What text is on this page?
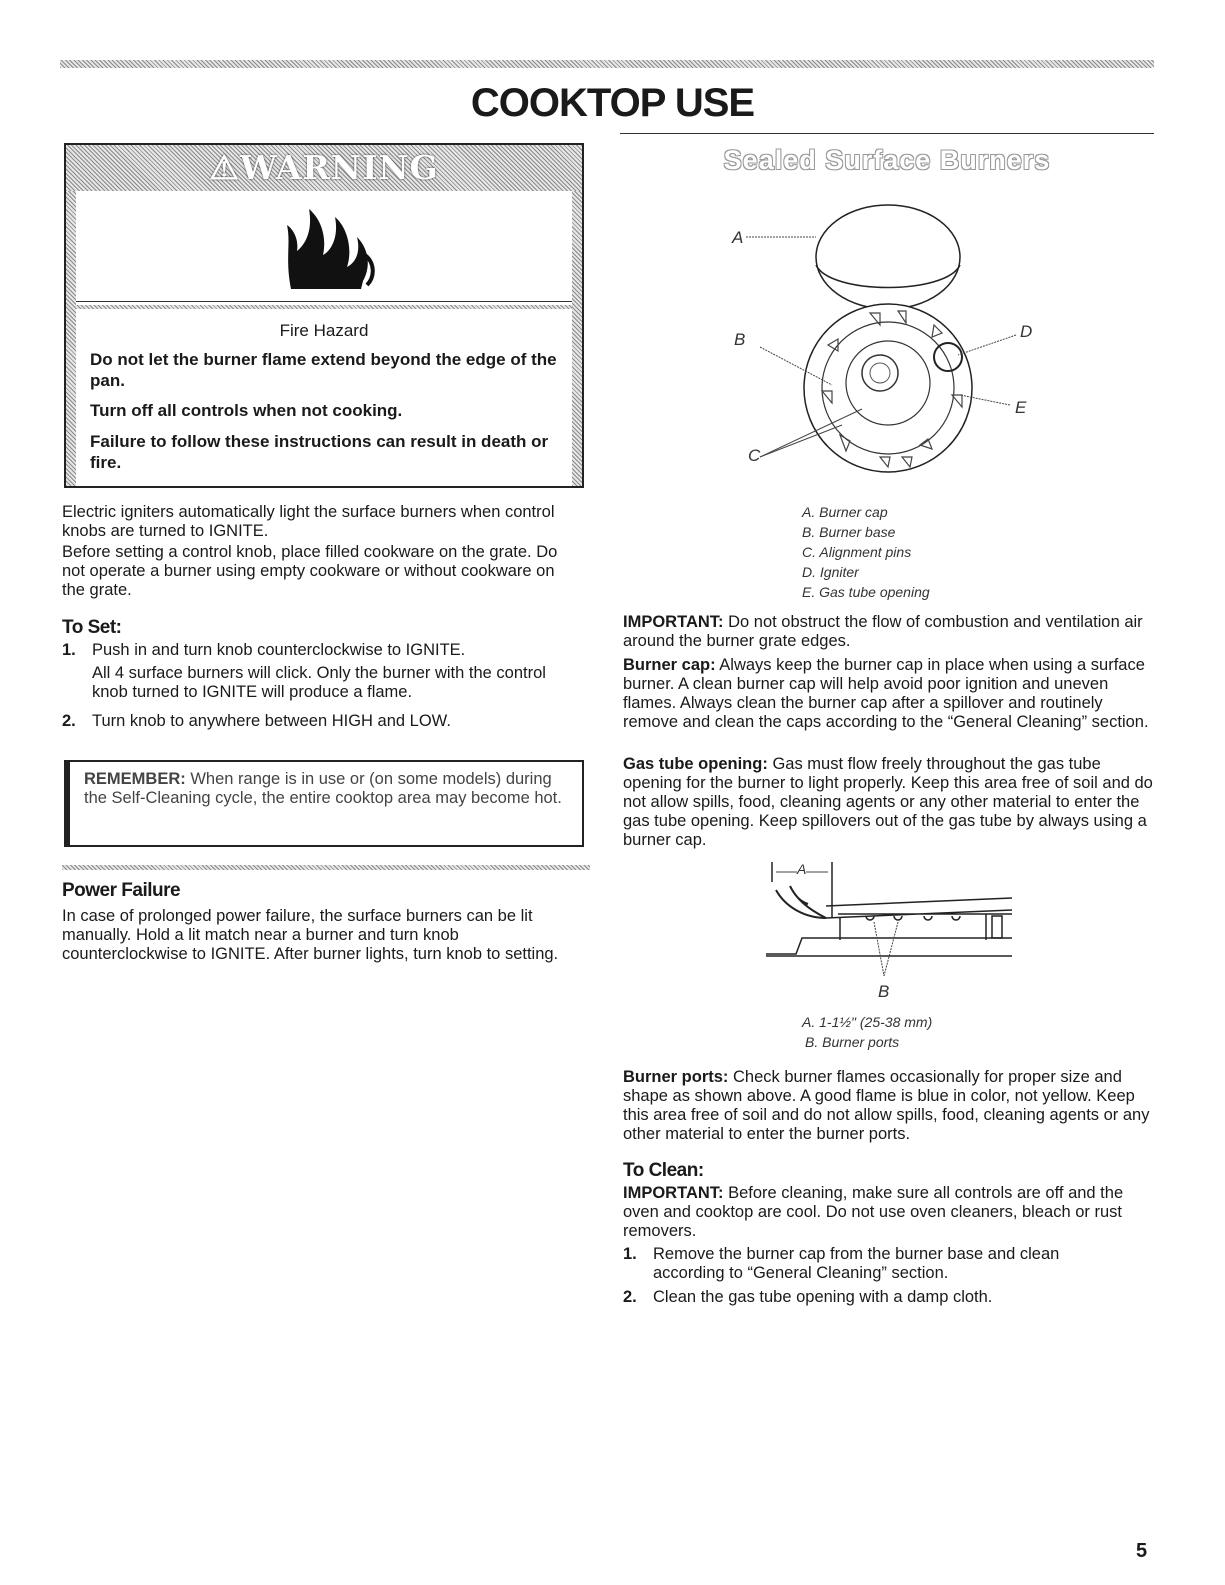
COOKTOP USE
⚠WARNING
Fire Hazard
Do not let the burner flame extend beyond the edge of the pan.
Turn off all controls when not cooking.
Failure to follow these instructions can result in death or fire.
Electric igniters automatically light the surface burners when control knobs are turned to IGNITE.
Before setting a control knob, place filled cookware on the grate. Do not operate a burner using empty cookware or without cookware on the grate.
To Set:
1. Push in and turn knob counterclockwise to IGNITE.
All 4 surface burners will click. Only the burner with the control knob turned to IGNITE will produce a flame.
2. Turn knob to anywhere between HIGH and LOW.
REMEMBER: When range is in use or (on some models) during the Self-Cleaning cycle, the entire cooktop area may become hot.
Power Failure
In case of prolonged power failure, the surface burners can be lit manually. Hold a lit match near a burner and turn knob counterclockwise to IGNITE. After burner lights, turn knob to setting.
Sealed Surface Burners
A
B
C
D
E
A. Burner cap
B. Burner base
C. Alignment pins
D. Igniter
E. Gas tube opening
IMPORTANT: Do not obstruct the flow of combustion and ventilation air around the burner grate edges.
Burner cap: Always keep the burner cap in place when using a surface burner. A clean burner cap will help avoid poor ignition and uneven flames. Always clean the burner cap after a spillover and routinely remove and clean the caps according to the “General Cleaning” section.
Gas tube opening: Gas must flow freely throughout the gas tube opening for the burner to light properly. Keep this area free of soil and do not allow spills, food, cleaning agents or any other material to enter the gas tube opening. Keep spillovers out of the gas tube by always using a burner cap.
A
B
A. 1-1½" (25-38 mm)
B. Burner ports
Burner ports: Check burner flames occasionally for proper size and shape as shown above. A good flame is blue in color, not yellow. Keep this area free of soil and do not allow spills, food, cleaning agents or any other material to enter the burner ports.
To Clean:
IMPORTANT: Before cleaning, make sure all controls are off and the oven and cooktop are cool. Do not use oven cleaners, bleach or rust removers.
1. Remove the burner cap from the burner base and clean according to “General Cleaning” section.
2. Clean the gas tube opening with a damp cloth.
5
